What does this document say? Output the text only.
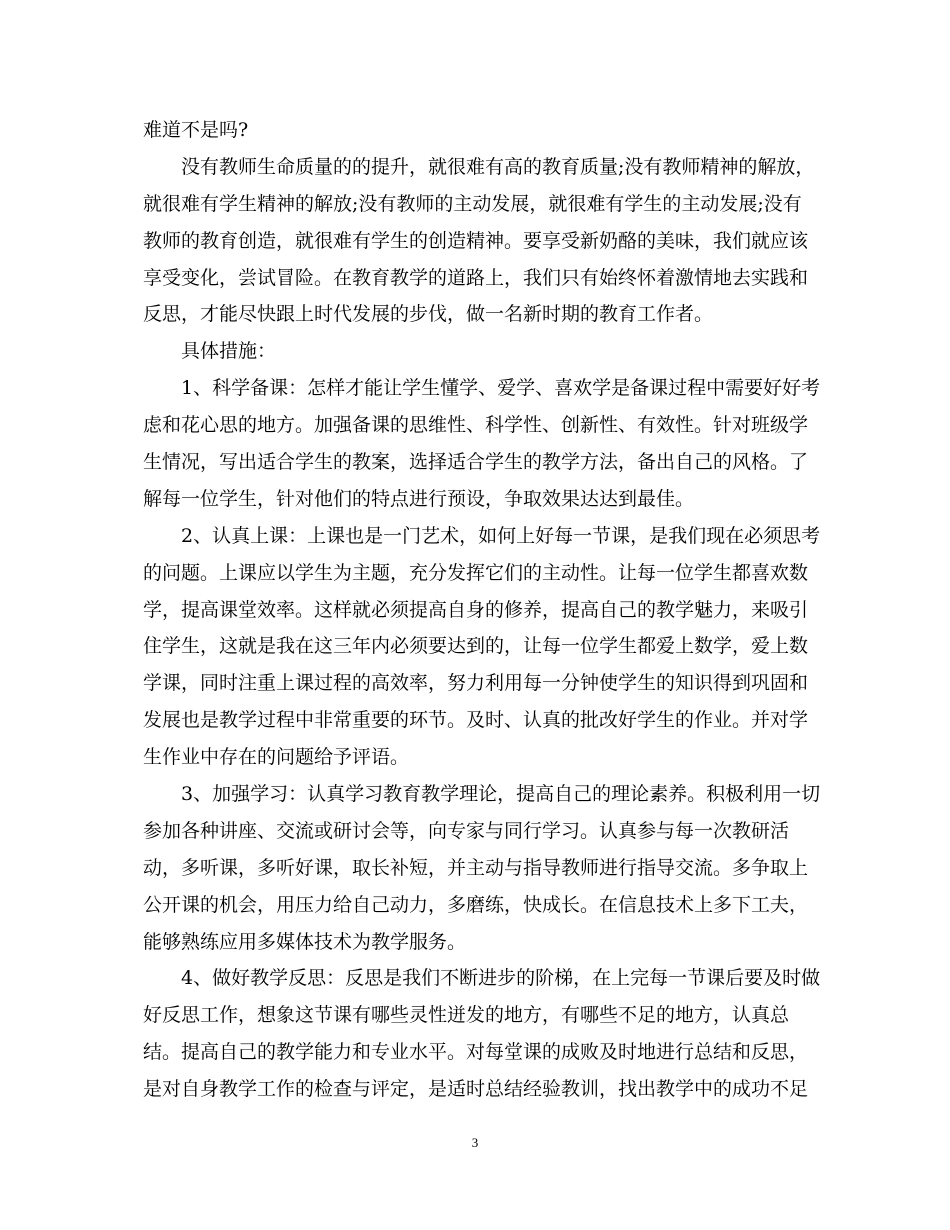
难道不是吗?
没有教师生命质量的的提升，就很难有高的教育质量;没有教师精神的解放，
就很难有学生精神的解放;没有教师的主动发展，就很难有学生的主动发展;没有
教师的教育创造，就很难有学生的创造精神。要享受新奶酪的美味，我们就应该
享受变化，尝试冒险。在教育教学的道路上，我们只有始终怀着激情地去实践和
反思，才能尽快跟上时代发展的步伐，做一名新时期的教育工作者。
具体措施：
1、科学备课：怎样才能让学生懂学、爱学、喜欢学是备课过程中需要好好考
虑和花心思的地方。加强备课的思维性、科学性、创新性、有效性。针对班级学
生情况，写出适合学生的教案，选择适合学生的教学方法，备出自己的风格。了
解每一位学生，针对他们的特点进行预设，争取效果达达到最佳。
2、认真上课：上课也是一门艺术，如何上好每一节课，是我们现在必须思考
的问题。上课应以学生为主题，充分发挥它们的主动性。让每一位学生都喜欢数
学，提高课堂效率。这样就必须提高自身的修养，提高自己的教学魅力，来吸引
住学生，这就是我在这三年内必须要达到的，让每一位学生都爱上数学，爱上数
学课，同时注重上课过程的高效率，努力利用每一分钟使学生的知识得到巩固和
发展也是教学过程中非常重要的环节。及时、认真的批改好学生的作业。并对学
生作业中存在的问题给予评语。
3、加强学习：认真学习教育教学理论，提高自己的理论素养。积极利用一切
参加各种讲座、交流或研讨会等，向专家与同行学习。认真参与每一次教研活
动，多听课，多听好课，取长补短，并主动与指导教师进行指导交流。多争取上
公开课的机会，用压力给自己动力，多磨练，快成长。在信息技术上多下工夫，
能够熟练应用多媒体技术为教学服务。
4、做好教学反思：反思是我们不断进步的阶梯，在上完每一节课后要及时做
好反思工作，想象这节课有哪些灵性迸发的地方，有哪些不足的地方，认真总
结。提高自己的教学能力和专业水平。对每堂课的成败及时地进行总结和反思，
是对自身教学工作的检查与评定，是适时总结经验教训，找出教学中的成功不足
3
